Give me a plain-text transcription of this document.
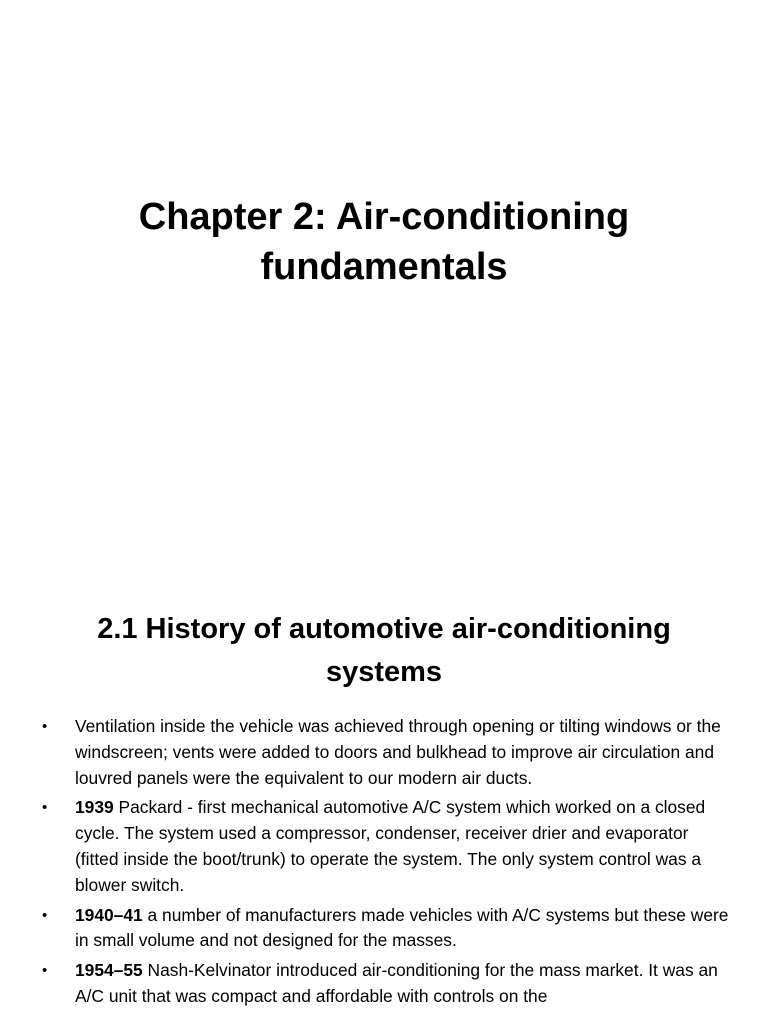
Chapter 2: Air-conditioning fundamentals
2.1 History of automotive air-conditioning systems
•	Ventilation inside the vehicle was achieved through opening or tilting windows or the windscreen; vents were added to doors and bulkhead to improve air circulation and louvred panels were the equivalent to our modern air ducts.
•	1939 Packard - first mechanical automotive A/C system which worked on a closed cycle. The system used a compressor, condenser, receiver drier and evaporator (fitted inside the boot/trunk) to operate the system. The only system control was a blower switch.
•	1940–41 a number of manufacturers made vehicles with A/C systems but these were in small volume and not designed for the masses.
•	1954–55 Nash-Kelvinator introduced air-conditioning for the mass market. It was an A/C unit that was compact and affordable with controls on the
